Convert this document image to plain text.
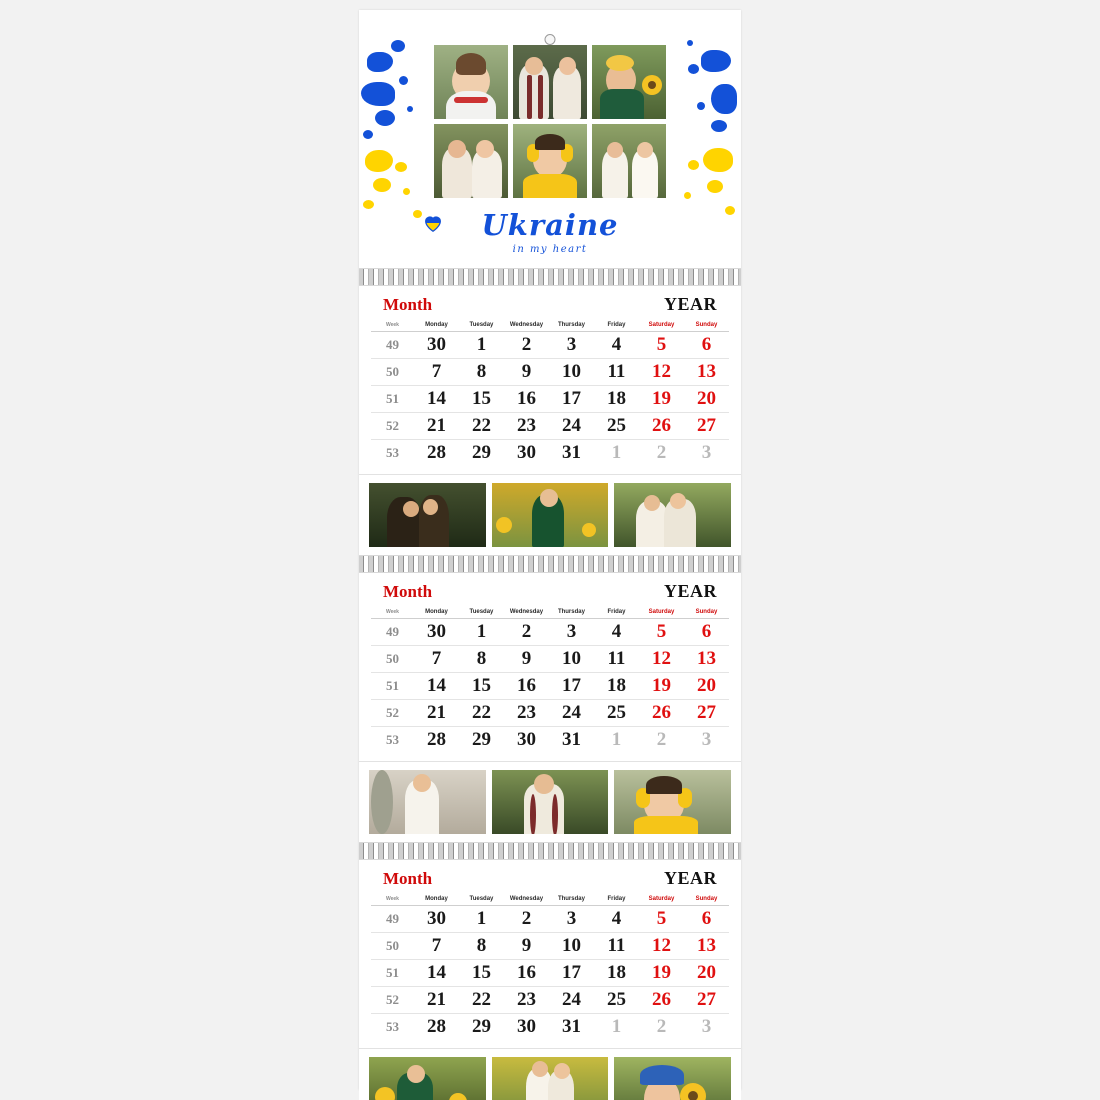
Ukraine
in my heart
Month	YEAR
Week	Monday	Tuesday	Wednesday	Thursday	Friday	Saturday	Sunday
49	30	1	2	3	4	5	6
50	7	8	9	10	11	12	13
51	14	15	16	17	18	19	20
52	21	22	23	24	25	26	27
53	28	29	30	31	1	2	3
Month	YEAR
Week	Monday	Tuesday	Wednesday	Thursday	Friday	Saturday	Sunday
49	30	1	2	3	4	5	6
50	7	8	9	10	11	12	13
51	14	15	16	17	18	19	20
52	21	22	23	24	25	26	27
53	28	29	30	31	1	2	3
Month	YEAR
Week	Monday	Tuesday	Wednesday	Thursday	Friday	Saturday	Sunday
49	30	1	2	3	4	5	6
50	7	8	9	10	11	12	13
51	14	15	16	17	18	19	20
52	21	22	23	24	25	26	27
53	28	29	30	31	1	2	3
